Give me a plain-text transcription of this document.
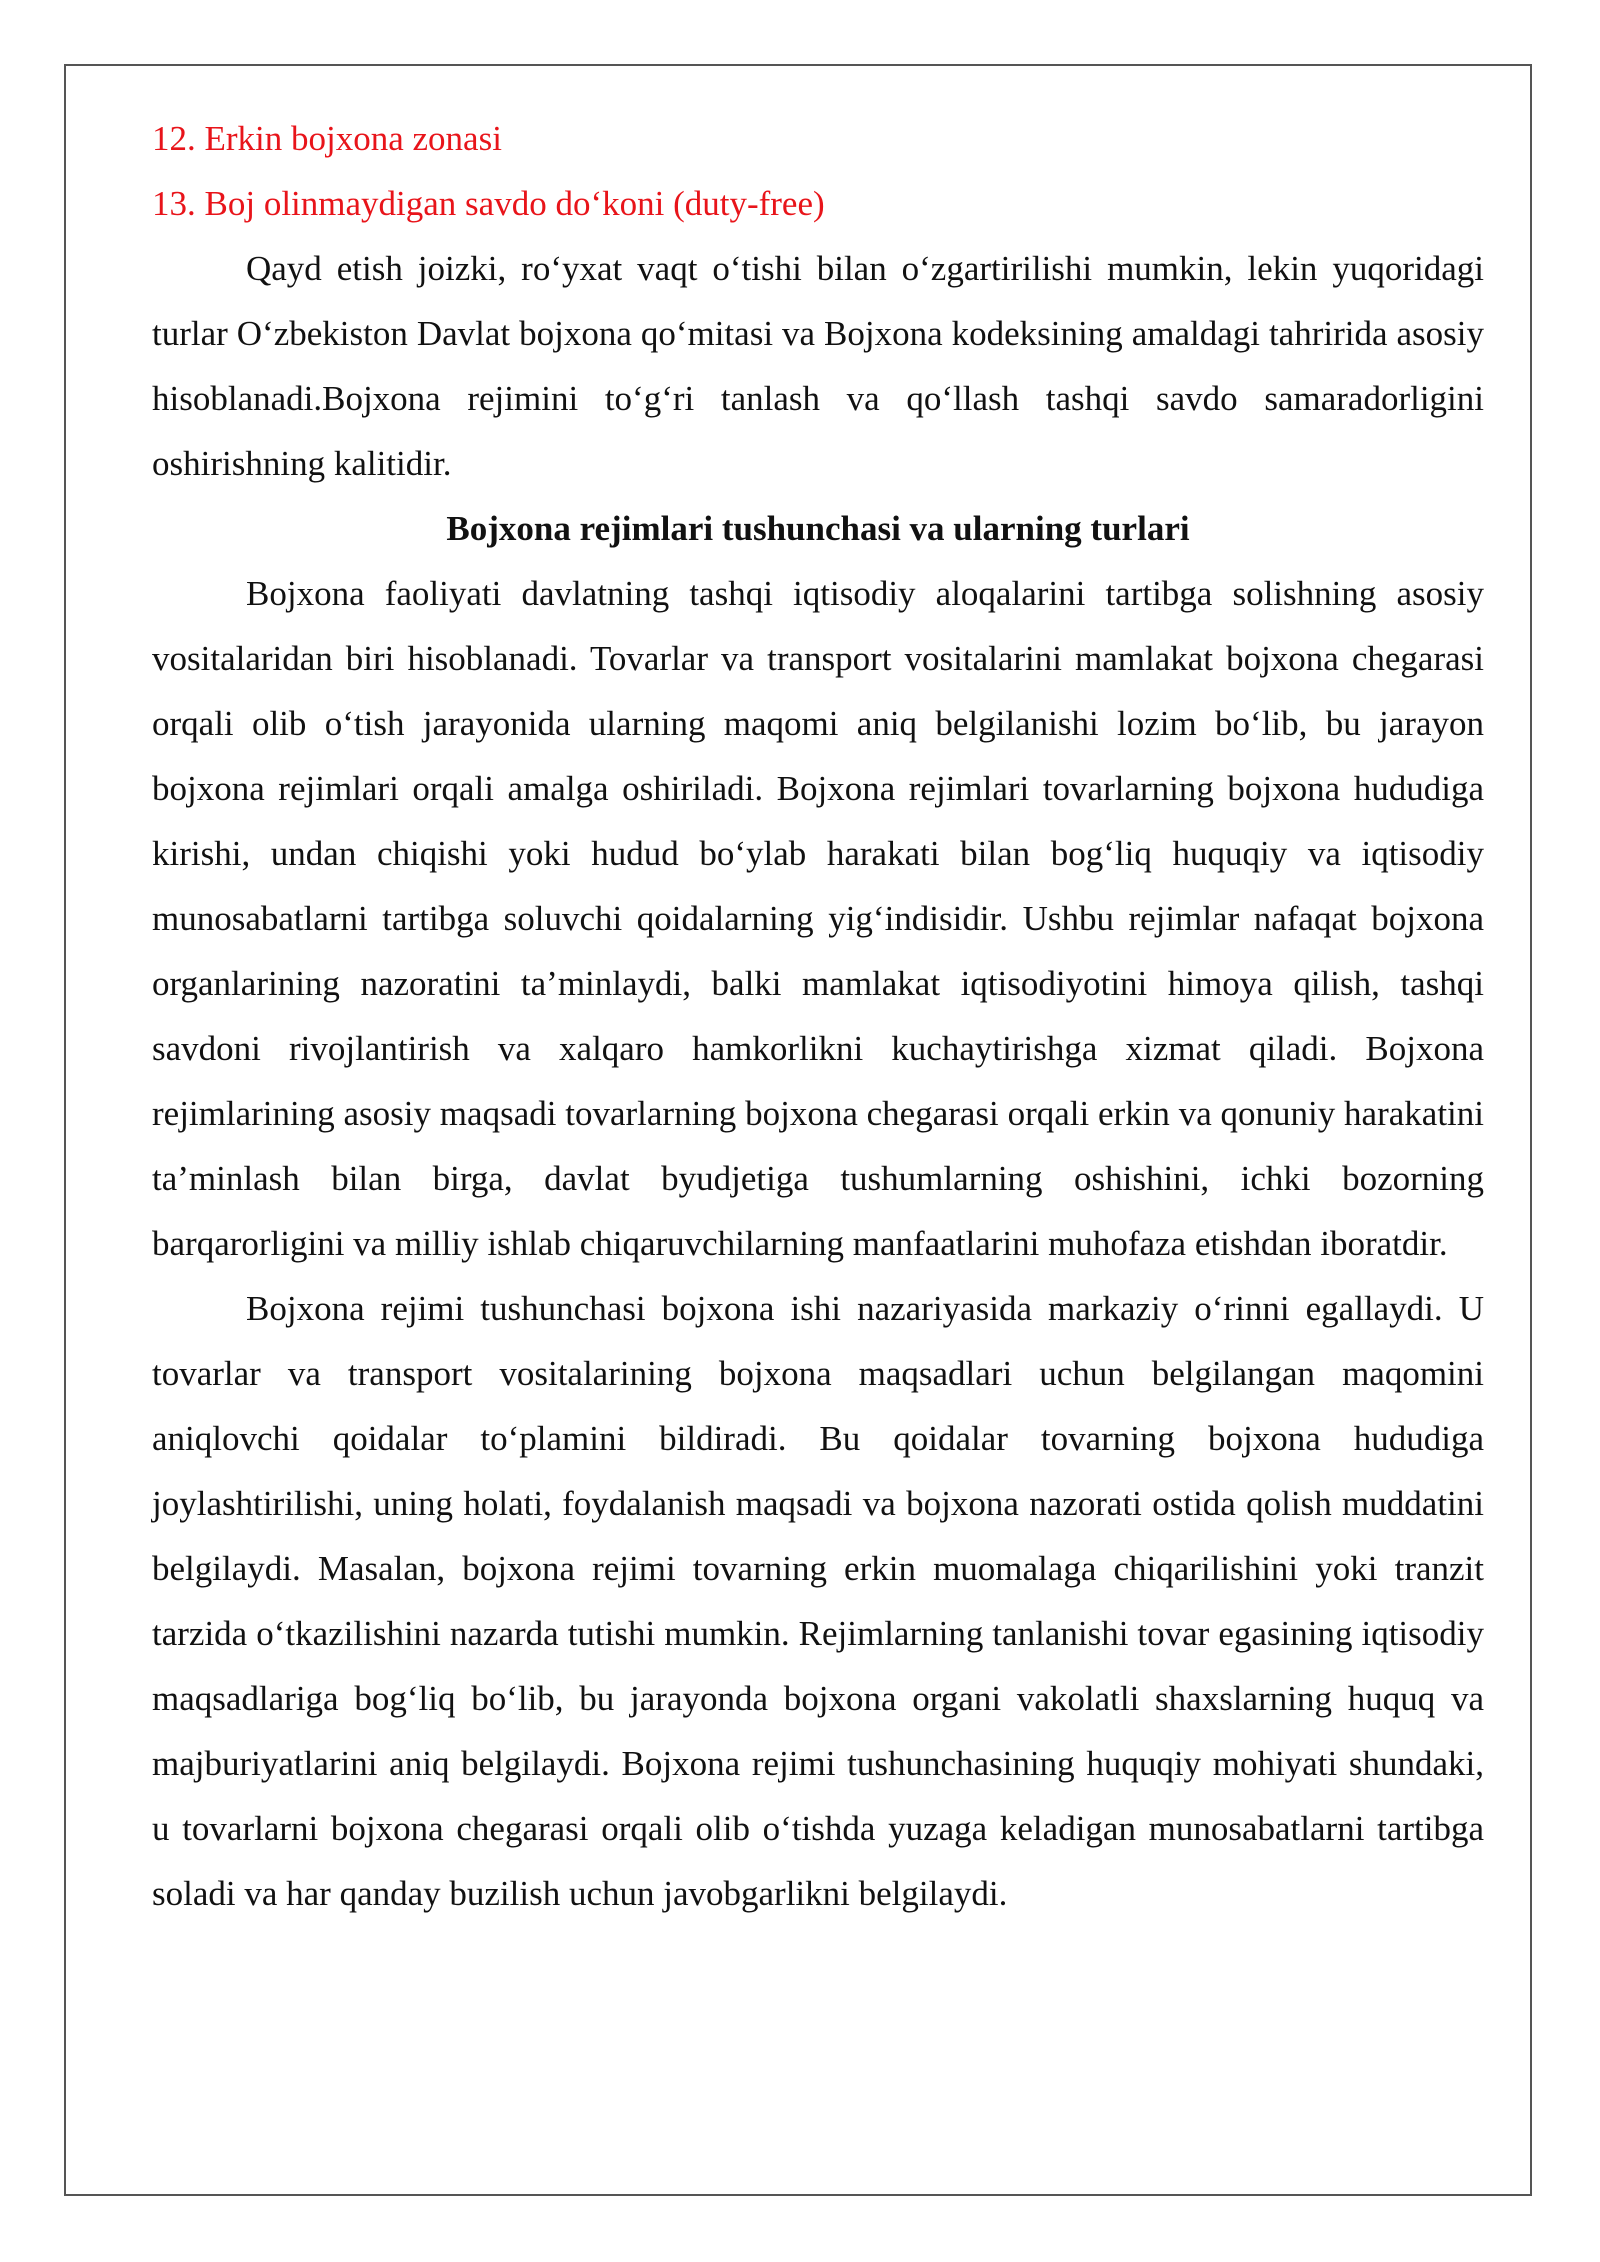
12. Erkin bojxona zonasi

13. Boj olinmaydigan savdo do‘koni (duty-free)

Qayd etish joizki, ro‘yxat vaqt o‘tishi bilan o‘zgartirilishi mumkin, lekin yuqoridagi turlar O‘zbekiston Davlat bojxona qo‘mitasi va Bojxona kodeksining amaldagi tahririda asosiy hisoblanadi.Bojxona rejimini to‘g‘ri tanlash va qo‘llash tashqi savdo samaradorligini oshirishning kalitidir.

Bojxona rejimlari tushunchasi va ularning turlari

Bojxona faoliyati davlatning tashqi iqtisodiy aloqalarini tartibga solishning asosiy vositalaridan biri hisoblanadi. Tovarlar va transport vositalarini mamlakat bojxona chegarasi orqali olib o‘tish jarayonida ularning maqomi aniq belgilanishi lozim bo‘lib, bu jarayon bojxona rejimlari orqali amalga oshiriladi. Bojxona rejimlari tovarlarning bojxona hududiga kirishi, undan chiqishi yoki hudud bo‘ylab harakati bilan bog‘liq huquqiy va iqtisodiy munosabatlarni tartibga soluvchi qoidalarning yig‘indisidir. Ushbu rejimlar nafaqat bojxona organlarining nazoratini ta’minlaydi, balki mamlakat iqtisodiyotini himoya qilish, tashqi savdoni rivojlantirish va xalqaro hamkorlikni kuchaytirishga xizmat qiladi. Bojxona rejimlarining asosiy maqsadi tovarlarning bojxona chegarasi orqali erkin va qonuniy harakatini ta’minlash bilan birga, davlat byudjetiga tushumlarning oshishini, ichki bozorning barqarorligini va milliy ishlab chiqaruvchilarning manfaatlarini muhofaza etishdan iboratdir.

Bojxona rejimi tushunchasi bojxona ishi nazariyasida markaziy o‘rinni egallaydi. U tovarlar va transport vositalarining bojxona maqsadlari uchun belgilangan maqomini aniqlovchi qoidalar to‘plamini bildiradi. Bu qoidalar tovarning bojxona hududiga joylashtirilishi, uning holati, foydalanish maqsadi va bojxona nazorati ostida qolish muddatini belgilaydi. Masalan, bojxona rejimi tovarning erkin muomalaga chiqarilishini yoki tranzit tarzida o‘tkazilishini nazarda tutishi mumkin. Rejimlarning tanlanishi tovar egasining iqtisodiy maqsadlariga bog‘liq bo‘lib, bu jarayonda bojxona organi vakolatli shaxslarning huquq va majburiyatlarini aniq belgilaydi. Bojxona rejimi tushunchasining huquqiy mohiyati shundaki, u tovarlarni bojxona chegarasi orqali olib o‘tishda yuzaga keladigan munosabatlarni tartibga soladi va har qanday buzilish uchun javobgarlikni belgilaydi.
